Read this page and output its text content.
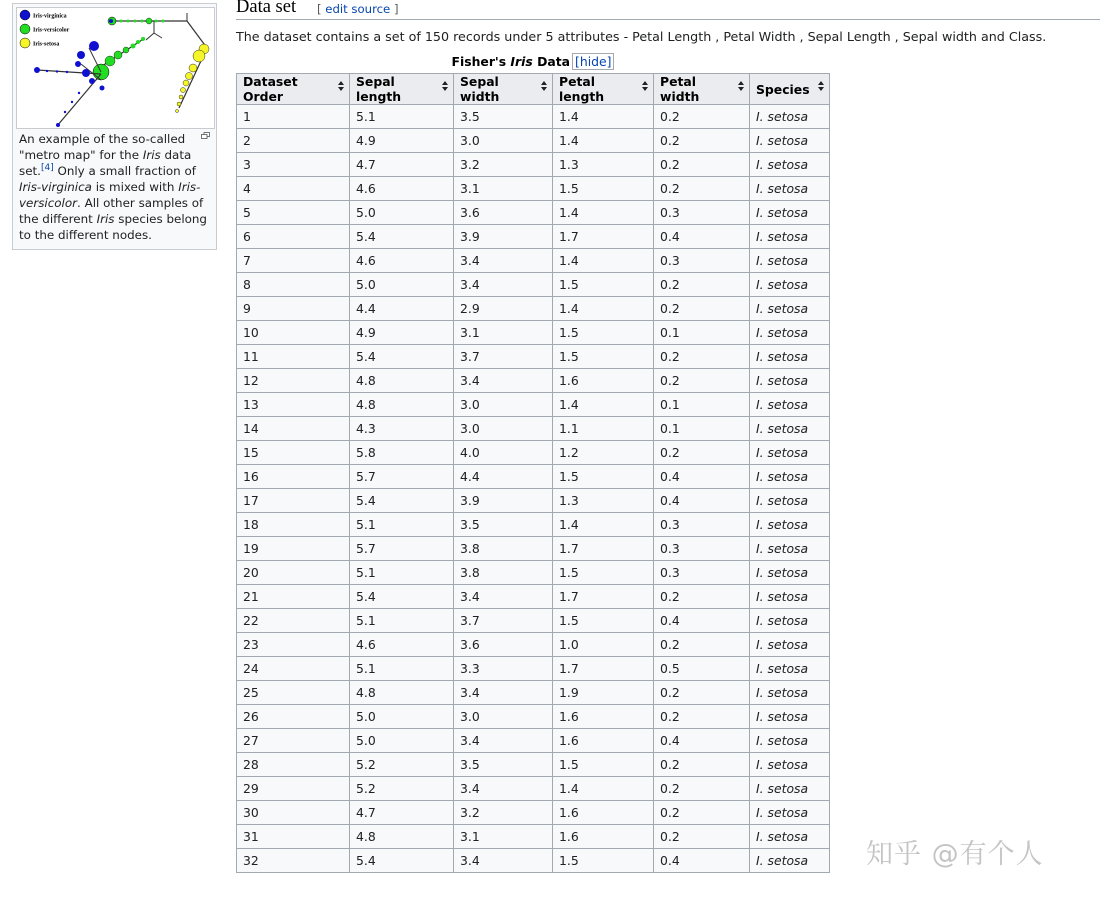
Iris-virginica
Iris-versicolor
Iris-setosa
An example of the so-called "metro map" for the Iris data set.[4] Only a small fraction of Iris-virginica is mixed with Iris-versicolor. All other samples of the different Iris species belong to the different nodes.
Data set [ edit source ]
The dataset contains a set of 150 records under 5 attributes - Petal Length , Petal Width , Sepal Length , Sepal width and Class.
Fisher's Iris Data [hide]
Dataset Order	Sepal length	Sepal width	Petal length	Petal width	Species

1	5.1	3.5	1.4	0.2	I. setosa
2	4.9	3.0	1.4	0.2	I. setosa
3	4.7	3.2	1.3	0.2	I. setosa
4	4.6	3.1	1.5	0.2	I. setosa
5	5.0	3.6	1.4	0.3	I. setosa
6	5.4	3.9	1.7	0.4	I. setosa
7	4.6	3.4	1.4	0.3	I. setosa
8	5.0	3.4	1.5	0.2	I. setosa
9	4.4	2.9	1.4	0.2	I. setosa
10	4.9	3.1	1.5	0.1	I. setosa
11	5.4	3.7	1.5	0.2	I. setosa
12	4.8	3.4	1.6	0.2	I. setosa
13	4.8	3.0	1.4	0.1	I. setosa
14	4.3	3.0	1.1	0.1	I. setosa
15	5.8	4.0	1.2	0.2	I. setosa
16	5.7	4.4	1.5	0.4	I. setosa
17	5.4	3.9	1.3	0.4	I. setosa
18	5.1	3.5	1.4	0.3	I. setosa
19	5.7	3.8	1.7	0.3	I. setosa
20	5.1	3.8	1.5	0.3	I. setosa
21	5.4	3.4	1.7	0.2	I. setosa
22	5.1	3.7	1.5	0.4	I. setosa
23	4.6	3.6	1.0	0.2	I. setosa
24	5.1	3.3	1.7	0.5	I. setosa
25	4.8	3.4	1.9	0.2	I. setosa
26	5.0	3.0	1.6	0.2	I. setosa
27	5.0	3.4	1.6	0.4	I. setosa
28	5.2	3.5	1.5	0.2	I. setosa
29	5.2	3.4	1.4	0.2	I. setosa
30	4.7	3.2	1.6	0.2	I. setosa
31	4.8	3.1	1.6	0.2	I. setosa
32	5.4	3.4	1.5	0.4	I. setosa 知乎 @有个人
